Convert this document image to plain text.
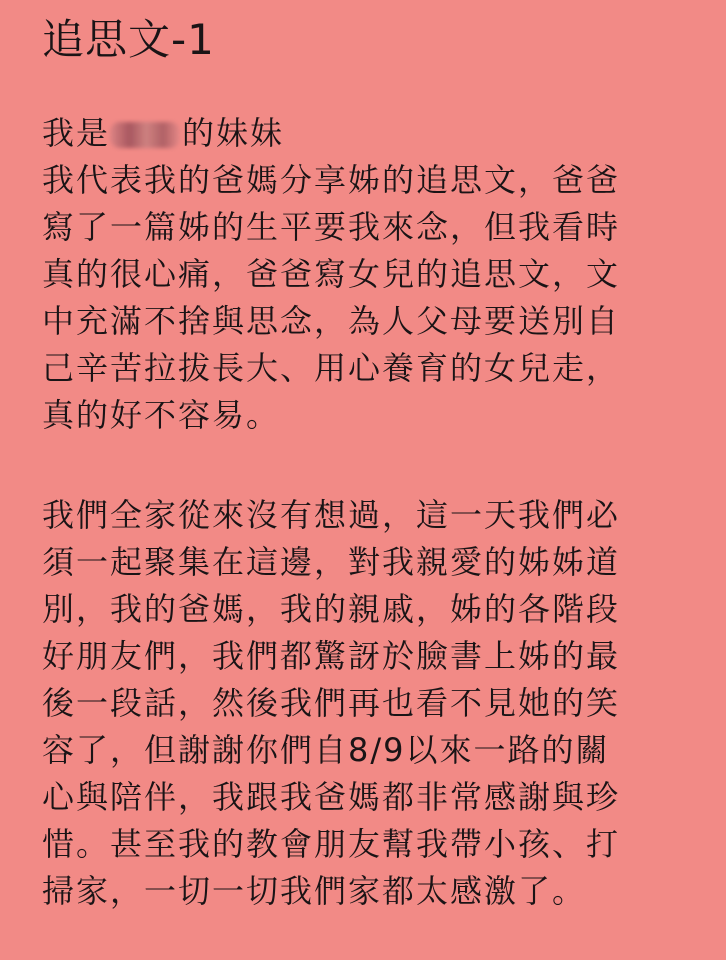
追思文-1
我是 的妹妹
我代表我的爸媽分享姊的追思文，爸爸
寫了一篇姊的生平要我來念，但我看時
真的很心痛，爸爸寫女兒的追思文，文
中充滿不捨與思念，為人父母要送別自
己辛苦拉拔長大、用心養育的女兒走，
真的好不容易。
我們全家從來沒有想過，這一天我們必
須一起聚集在這邊，對我親愛的姊姊道
別，我的爸媽，我的親戚，姊的各階段
好朋友們，我們都驚訝於臉書上姊的最
後一段話，然後我們再也看不見她的笑
容了，但謝謝你們自8/9以來一路的關
心與陪伴，我跟我爸媽都非常感謝與珍
惜。甚至我的教會朋友幫我帶小孩、打
掃家，一切一切我們家都太感激了。
